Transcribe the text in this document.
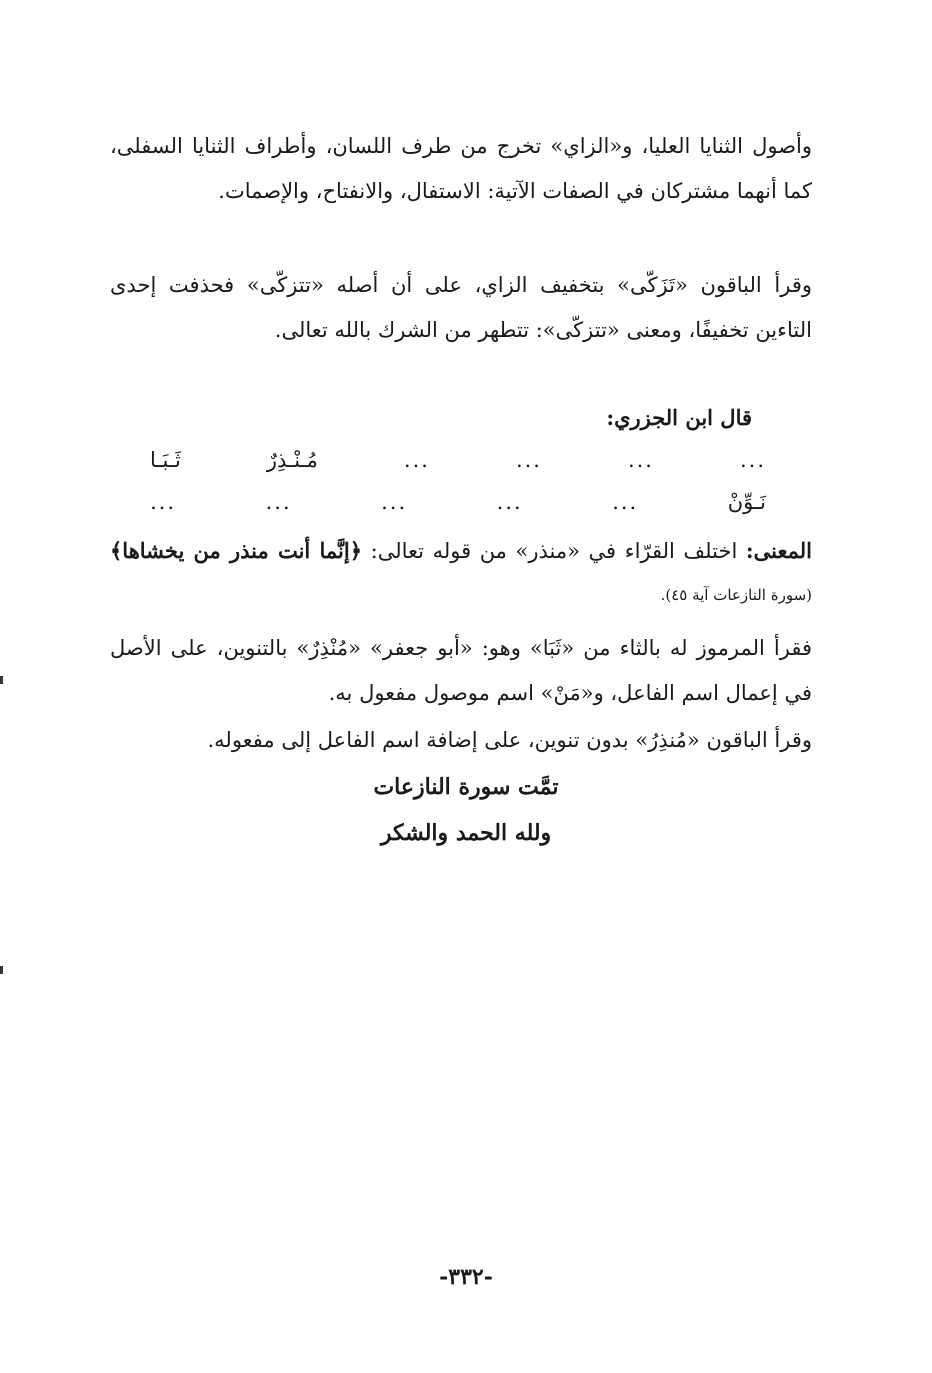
وأصول الثنايا العليا، و«الزاي» تخرج من طرف اللسان، وأطراف الثنايا السفلى، كما أنهما مشتركان في الصفات الآتية: الاستفال، والانفتاح، والإصمات.
وقرأ الباقون «تَزَكّى» بتخفيف الزاي، على أن أصله «تتزكّى» فحذفت إحدى التاءين تخفيفًا، ومعنى «تتزكّى»: تتطهر من الشرك بالله تعالى.
قال ابن الجزري:
...
...
...
...
مُـنْـذِرٌ
ثَـبَـا
نَـوِّنْ
...
...
...
...
...
المعنى: اختلف القرّاء في «منذر» من قوله تعالى: ﴿إنَّما أنت منذر من يخشاها﴾ (سورة النازعات آية ٤٥).
فقرأ المرموز له بالثاء من «ثَبَا» وهو: «أبو جعفر» «مُنْذِرٌ» بالتنوين، على الأصل في إعمال اسم الفاعل، و«مَنْ» اسم موصول مفعول به.
وقرأ الباقون «مُنذِرُ» بدون تنوين، على إضافة اسم الفاعل إلى مفعوله.
تمَّت سورة النازعات
ولله الحمد والشكر
-٣٣٢-
